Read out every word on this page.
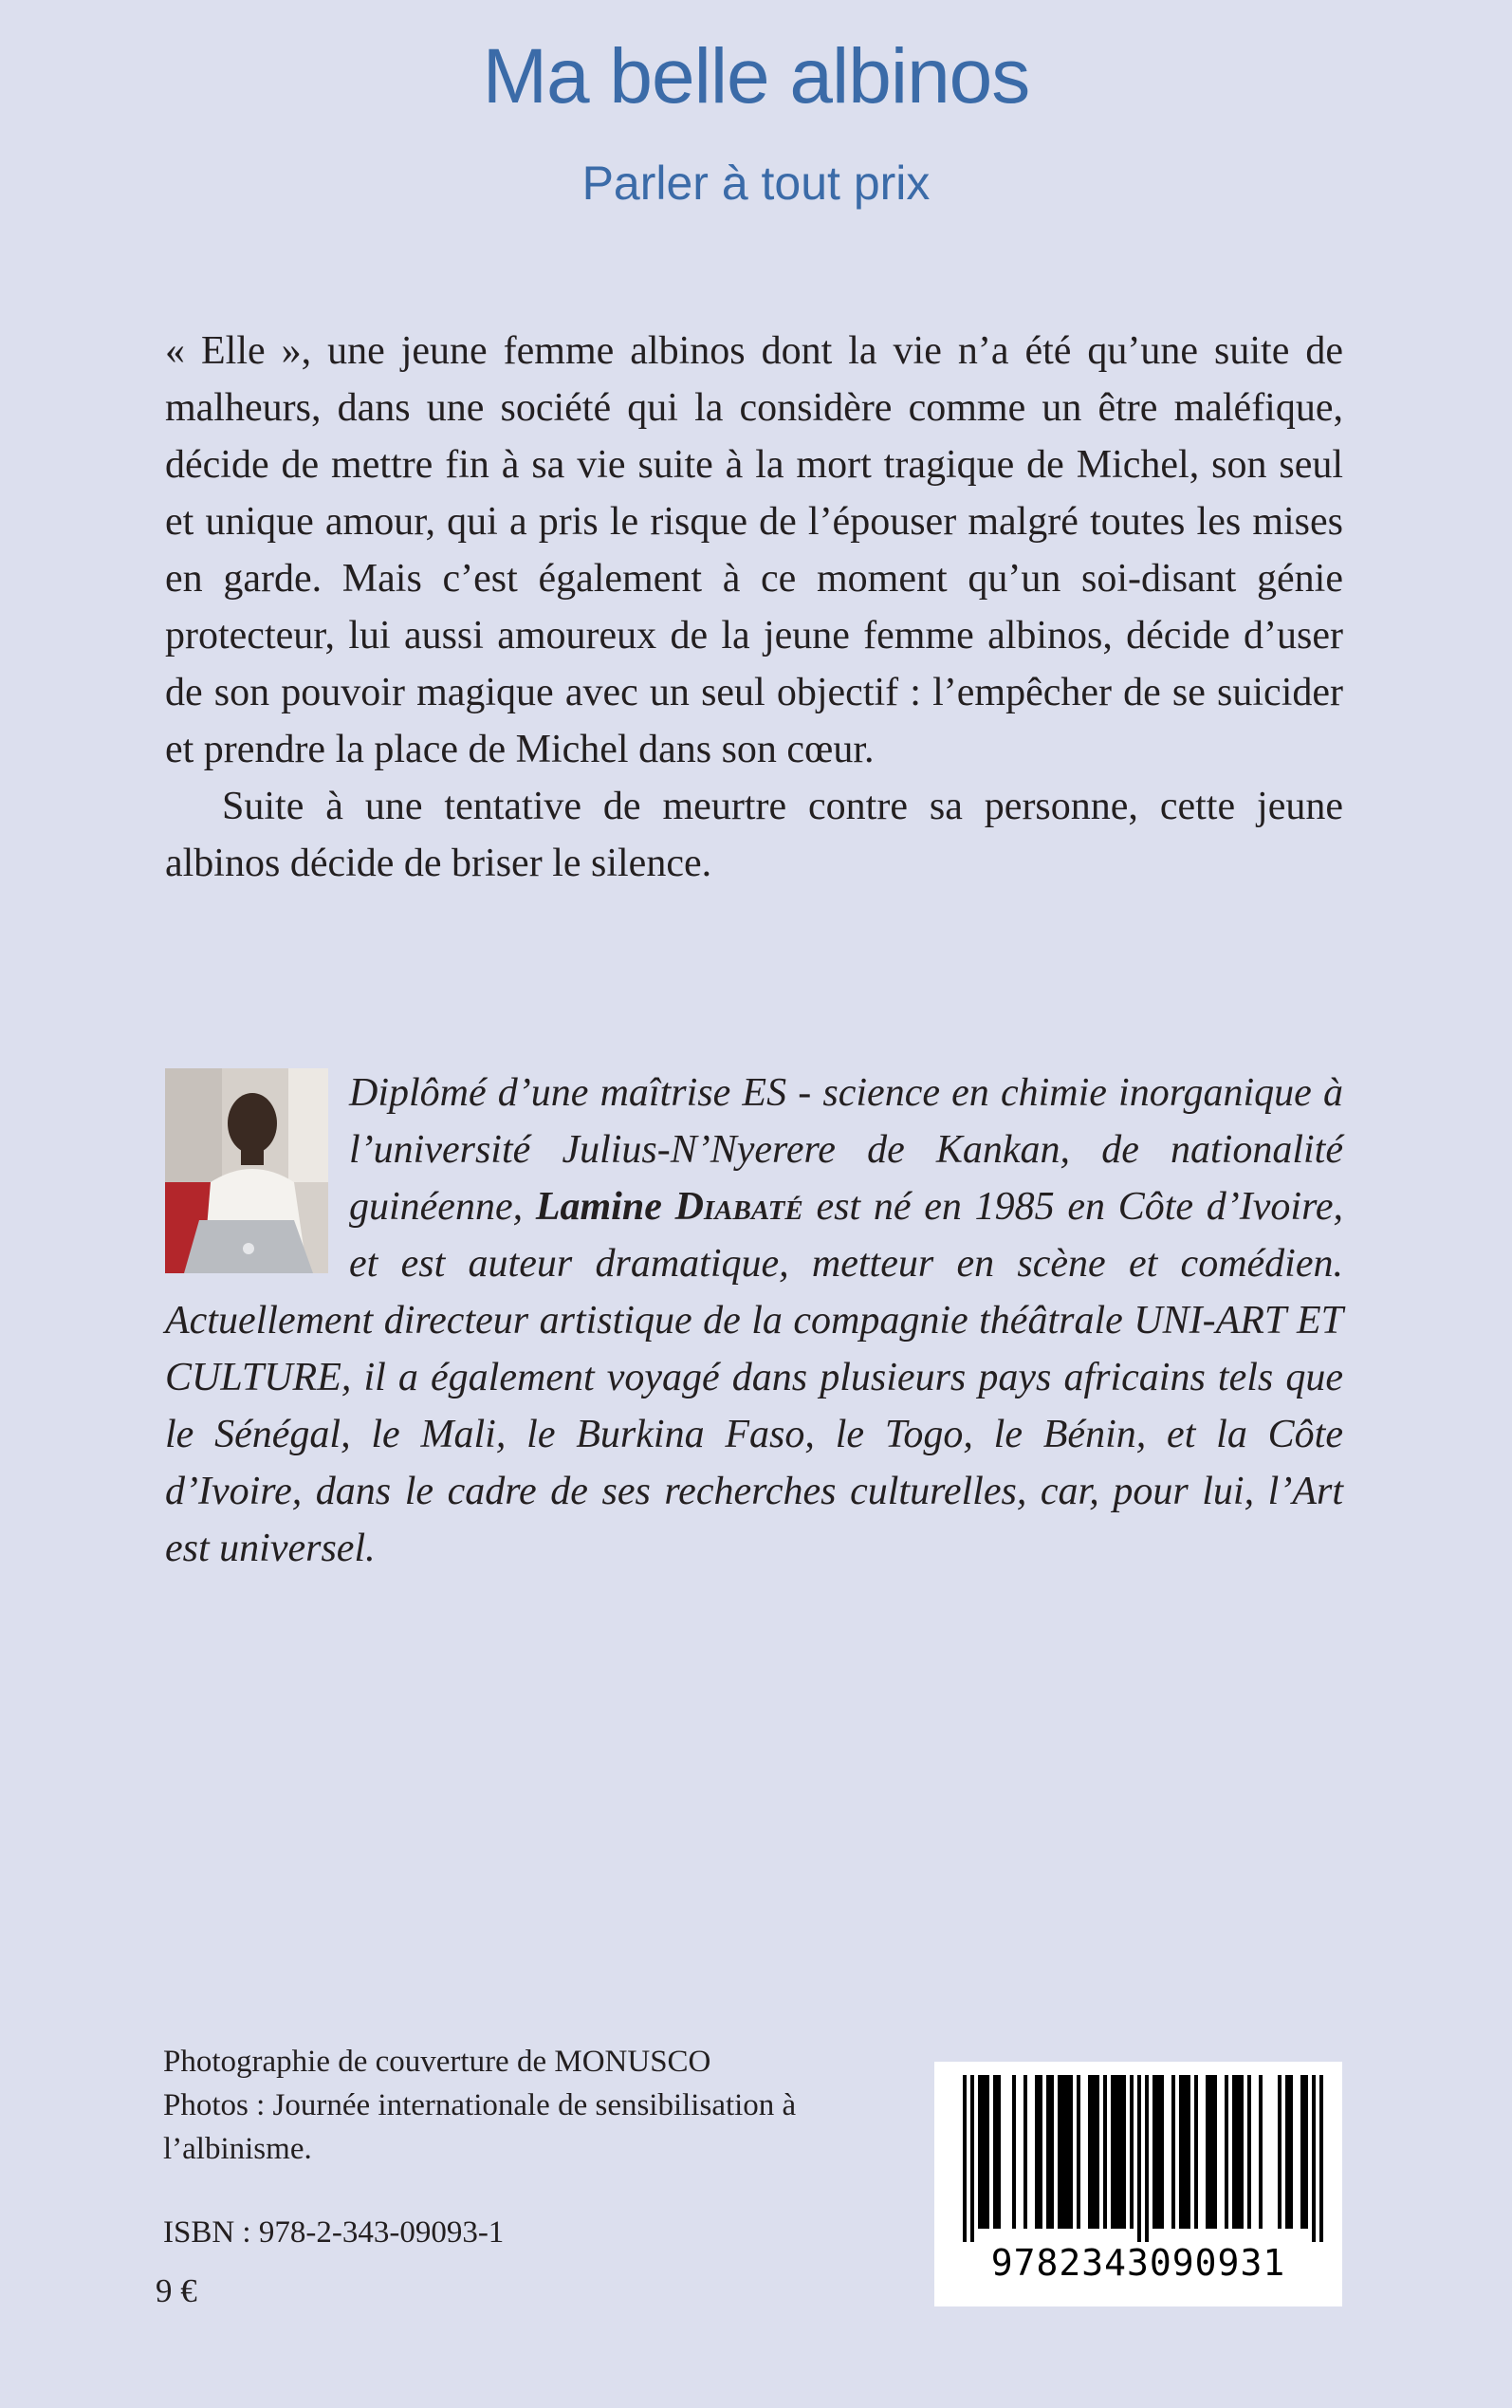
Ma belle albinos
Parler à tout prix

« Elle », une jeune femme albinos dont la vie n’a été qu’une suite de malheurs, dans une société qui la considère comme un être maléfique, décide de mettre fin à sa vie suite à la mort tragique de Michel, son seul et unique amour, qui a pris le risque de l’épouser malgré toutes les mises en garde. Mais c’est également à ce moment qu’un soi-disant génie protecteur, lui aussi amoureux de la jeune femme albinos, décide d’user de son pouvoir magique avec un seul objectif : l’empêcher de se suicider et prendre la place de Michel dans son cœur.

Suite à une tentative de meurtre contre sa personne, cette jeune albinos décide de briser le silence.

Diplômé d’une maîtrise ES - science en chimie inorganique à l’université Julius-N’Nyerere de Kankan, de nationalité guinéenne, Lamine Diabaté est né en 1985 en Côte d’Ivoire, et est auteur dramatique, metteur en scène et comédien. Actuellement directeur artistique de la compagnie théâtrale UNI-ART ET CULTURE, il a également voyagé dans plusieurs pays africains tels que le Sénégal, le Mali, le Burkina Faso, le Togo, le Bénin, et la Côte d’Ivoire, dans le cadre de ses recherches culturelles, car, pour lui, l’Art est universel.
Photographie de couverture de MONUSCO
Photos : Journée internationale de sensibilisation à l’albinisme.
ISBN : 978-2-343-09093-1
9 €
9782343090931
